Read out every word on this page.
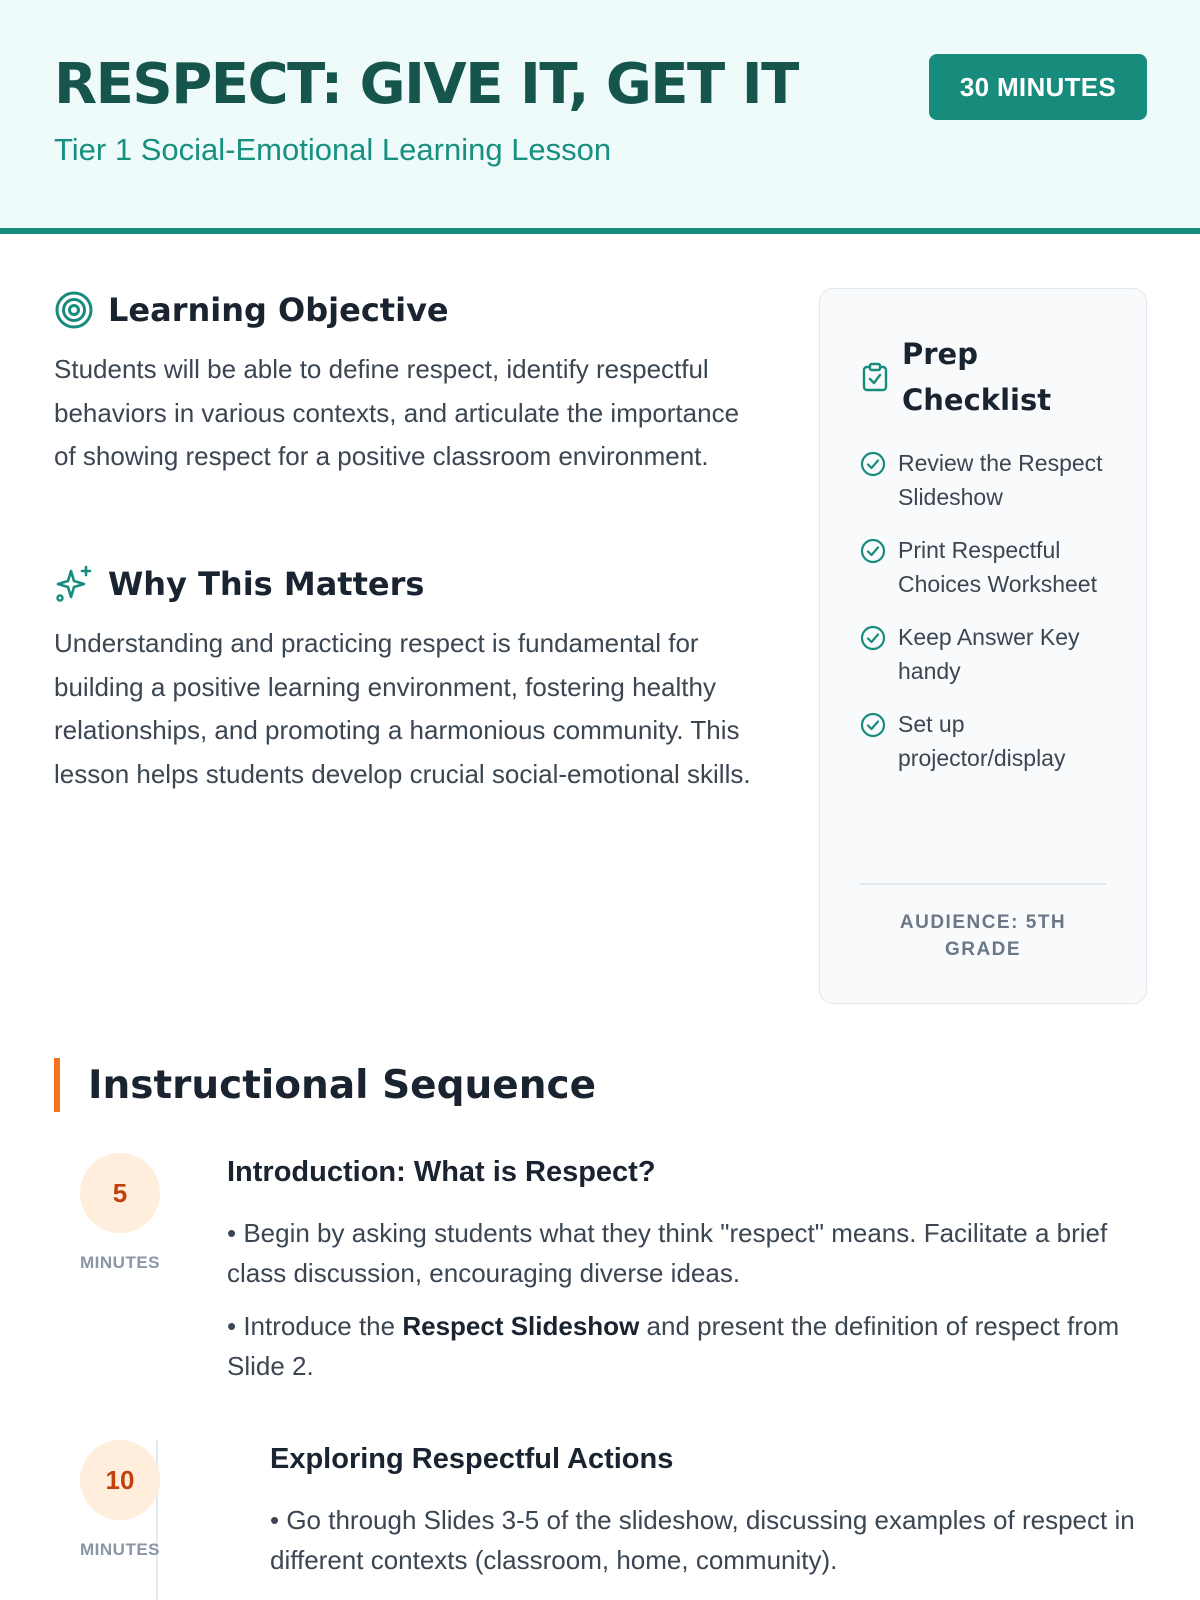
RESPECT: GIVE IT, GET IT
Tier 1 Social-Emotional Learning Lesson
30 MINUTES
Learning Objective

Students will be able to define respect, identify respectful behaviors in various contexts, and articulate the importance of showing respect for a positive classroom environment.

Why This Matters

Understanding and practicing respect is fundamental for building a positive learning environment, fostering healthy relationships, and promoting a harmonious community. This lesson helps students develop crucial social-emotional skills.

Prep Checklist
Review the Respect Slideshow
Print Respectful Choices Worksheet
Keep Answer Key handy
Set up projector/display
AUDIENCE: 5TH GRADE
Instructional Sequence
5
MINUTES
Introduction: What is Respect?

• Begin by asking students what they think "respect" means. Facilitate a brief class discussion, encouraging diverse ideas.

• Introduce the Respect Slideshow and present the definition of respect from Slide 2.

10
MINUTES
Exploring Respectful Actions

• Go through Slides 3-5 of the slideshow, discussing examples of respect in different contexts (classroom, home, community).
